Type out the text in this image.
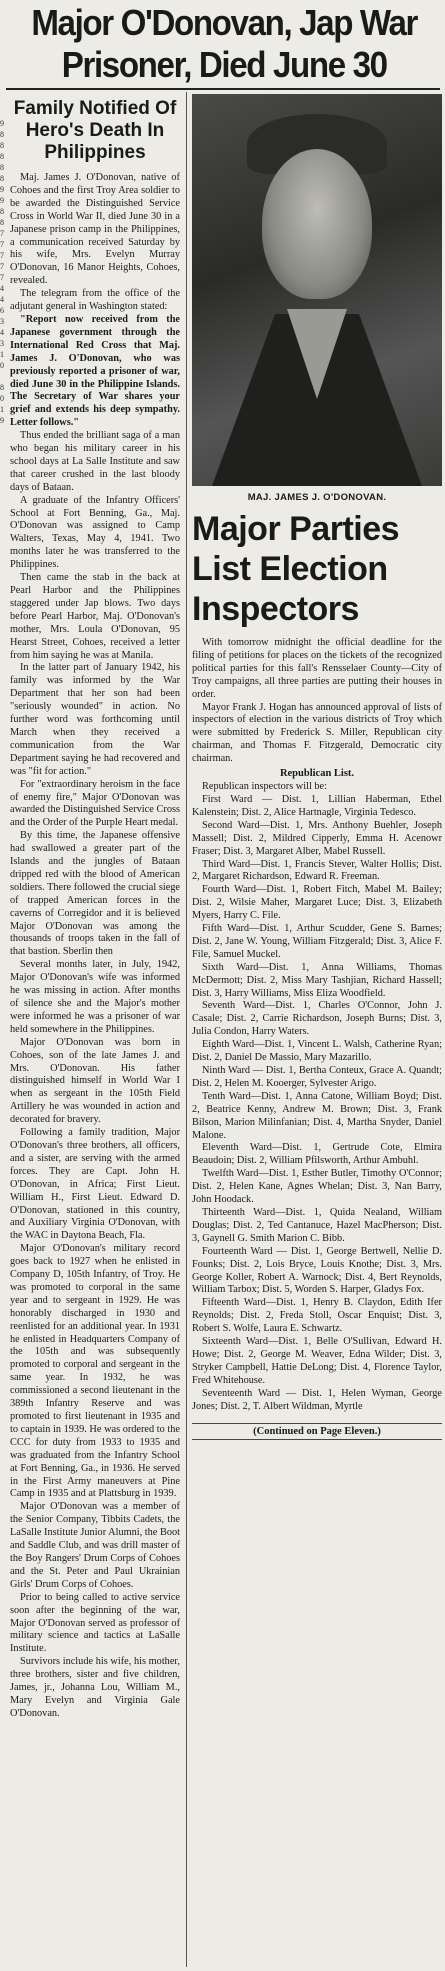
Major O'Donovan, Jap War
Prisoner, Died June 30
9
8
8
8
8
8
9
9
8
8
7
7
7
7
7
4
4
6
3
4
3
1
0

8
0
1
9
Family Notified Of Hero's Death In Philippines

Maj. James J. O'Donovan, native of Cohoes and the first Troy Area soldier to be awarded the Distinguished Service Cross in World War II, died June 30 in a Japanese prison camp in the Philippines, a communication received Saturday by his wife, Mrs. Evelyn Murray O'Donovan, 16 Manor Heights, Cohoes, revealed.

The telegram from the office of the adjutant general in Washington stated:

"Report now received from the Japanese government through the International Red Cross that Maj. James J. O'Donovan, who was previously reported a prisoner of war, died June 30 in the Philippine Islands. The Secretary of War shares your grief and extends his deep sympathy. Letter follows."

Thus ended the brilliant saga of a man who began his military career in his school days at La Salle Institute and saw that career crushed in the last bloody days of Bataan.

A graduate of the Infantry Officers' School at Fort Benning, Ga., Maj. O'Donovan was assigned to Camp Walters, Texas, May 4, 1941. Two months later he was transferred to the Philippines.

Then came the stab in the back at Pearl Harbor and the Philippines staggered under Jap blows. Two days before Pearl Harbor, Maj. O'Donovan's mother, Mrs. Loula O'Donovan, 95 Hearst Street, Cohoes, received a letter from him saying he was at Manila.

In the latter part of January 1942, his family was informed by the War Department that her son had been "seriously wounded" in action. No further word was forthcoming until March when they received a communication from the War Department saying he had recovered and was "fit for action."

For "extraordinary heroism in the face of enemy fire," Major O'Donovan was awarded the Distinguished Service Cross and the Order of the Purple Heart medal.

By this time, the Japanese offensive had swallowed a greater part of the Islands and the jungles of Bataan dripped red with the blood of American soldiers. There followed the crucial siege of trapped American forces in the caverns of Corregidor and it is believed Major O'Donovan was among the thousands of troops taken in the fall of that bastion. Sberlin then

Several months later, in July, 1942, Major O'Donovan's wife was informed he was missing in action. After months of silence she and the Major's mother were informed he was a prisoner of war held somewhere in the Philippines.

Major O'Donovan was born in Cohoes, son of the late James J. and Mrs. O'Donovan. His father distinguished himself in World War I when as sergeant in the 105th Field Artillery he was wounded in action and decorated for bravery.

Following a family tradition, Major O'Donovan's three brothers, all officers, and a sister, are serving with the armed forces. They are Capt. John H. O'Donovan, in Africa; First Lieut. William H., First Lieut. Edward D. O'Donovan, stationed in this country, and Auxiliary Virginia O'Donovan, with the WAC in Daytona Beach, Fla.

Major O'Donovan's military record goes back to 1927 when he enlisted in Company D, 105th Infantry, of Troy. He was promoted to corporal in the same year and to sergeant in 1929. He was honorably discharged in 1930 and reenlisted for an additional year. In 1931 he enlisted in Headquarters Company of the 105th and was subsequently promoted to corporal and sergeant in the same year. In 1932, he was commissioned a second lieutenant in the 389th Infantry Reserve and was promoted to first lieutenant in 1935 and to captain in 1939. He was ordered to the CCC for duty from 1933 to 1935 and was graduated from the Infantry School at Fort Benning, Ga., in 1936. He served in the First Army maneuvers at Pine Camp in 1935 and at Plattsburg in 1939.

Major O'Donovan was a member of the Senior Company, Tibbits Cadets, the LaSalle Institute Junior Alumni, the Boot and Saddle Club, and was drill master of the Boy Rangers' Drum Corps of Cohoes and the St. Peter and Paul Ukrainian Girls' Drum Corps of Cohoes.

Prior to being called to active service soon after the beginning of the war, Major O'Donovan served as professor of military science and tactics at LaSalle Institute.

Survivors include his wife, his mother, three brothers, sister and five children, James, jr., Johanna Lou, William M., Mary Evelyn and Virginia Gale O'Donovan.

MAJ. JAMES J. O'DONOVAN.
Major Parties List Election Inspectors

With tomorrow midnight the official deadline for the filing of petitions for places on the tickets of the recognized political parties for this fall's Rensselaer County—City of Troy campaigns, all three parties are putting their houses in order.

Mayor Frank J. Hogan has announced approval of lists of inspectors of election in the various districts of Troy which were submitted by Frederick S. Miller, Republican city chairman, and Thomas F. Fitzgerald, Democratic city chairman.

Republican List.

Republican inspectors will be:

First Ward — Dist. 1, Lillian Haberman, Ethel Kalenstein; Dist. 2, Alice Hartnagle, Virginia Tedesco.

Second Ward—Dist. 1, Mrs. Anthony Buehler, Joseph Massell; Dist. 2, Mildred Cipperly, Emma H. Acenowr Fraser; Dist. 3, Margaret Alber, Mabel Russell.

Third Ward—Dist. 1, Francis Stever, Walter Hollis; Dist. 2, Margaret Richardson, Edward R. Freeman.

Fourth Ward—Dist. 1, Robert Fitch, Mabel M. Bailey; Dist. 2, Wilsie Maher, Margaret Luce; Dist. 3, Elizabeth Myers, Harry C. File.

Fifth Ward—Dist. 1, Arthur Scudder, Gene S. Barnes; Dist. 2, Jane W. Young, William Fitzgerald; Dist. 3, Alice F. File, Samuel Muckel.

Sixth Ward—Dist. 1, Anna Williams, Thomas McDermott; Dist. 2, Miss Mary Tashjian, Richard Hassell; Dist. 3, Harry Williams, Miss Eliza Woodfield.

Seventh Ward—Dist. 1, Charles O'Connor, John J. Casale; Dist. 2, Carrie Richardson, Joseph Burns; Dist. 3, Julia Condon, Harry Waters.

Eighth Ward—Dist. 1, Vincent L. Walsh, Catherine Ryan; Dist. 2, Daniel De Massio, Mary Mazarillo.

Ninth Ward — Dist. 1, Bertha Conteux, Grace A. Quandt; Dist. 2, Helen M. Kooerger, Sylvester Arigo.

Tenth Ward—Dist. 1, Anna Catone, William Boyd; Dist. 2, Beatrice Kenny, Andrew M. Brown; Dist. 3, Frank Bilson, Marion Milinfanian; Dist. 4, Martha Snyder, Daniel Malone.

Eleventh Ward—Dist. 1, Gertrude Cote, Elmira Beaudoin; Dist. 2, William Pfilsworth, Arthur Ambuhl.

Twelfth Ward—Dist. 1, Esther Butler, Timothy O'Connor; Dist. 2, Helen Kane, Agnes Whelan; Dist. 3, Nan Barry, John Hoodack.

Thirteenth Ward—Dist. 1, Quida Nealand, William Douglas; Dist. 2, Ted Cantanuce, Hazel MacPherson; Dist. 3, Gaynell G. Smith Marion C. Bibb.

Fourteenth Ward — Dist. 1, George Bertwell, Nellie D. Founks; Dist. 2, Lois Bryce, Louis Knothe; Dist. 3, Mrs. George Koller, Robert A. Warnock; Dist. 4, Bert Reynolds, William Tarbox; Dist. 5, Worden S. Harper, Gladys Fox.

Fifteenth Ward—Dist. 1, Henry B. Claydon, Edith Ifer Reynolds; Dist. 2, Freda Stoll, Oscar Enquist; Dist. 3, Robert S. Wolfe, Laura E. Schwartz.

Sixteenth Ward—Dist. 1, Belle O'Sullivan, Edward H. Howe; Dist. 2, George M. Weaver, Edna Wilder; Dist. 3, Stryker Campbell, Hattie DeLong; Dist. 4, Florence Taylor, Fred Whitehouse.

Seventeenth Ward — Dist. 1, Helen Wyman, George Jones; Dist. 2, T. Albert Wildman, Myrtle

(Continued on Page Eleven.)
